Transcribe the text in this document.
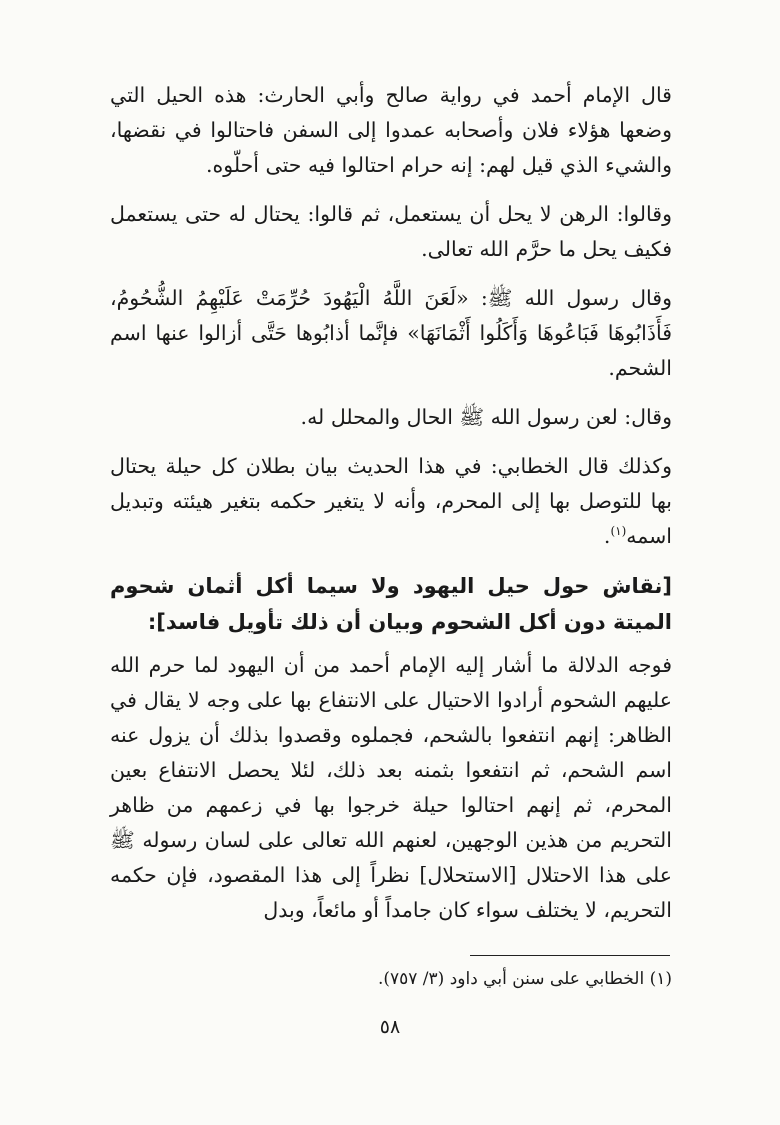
قال الإمام أحمد في رواية صالح وأبي الحارث: هذه الحيل التي وضعها هؤلاء فلان وأصحابه عمدوا إلى السفن فاحتالوا في نقضها، والشيء الذي قيل لهم: إنه حرام احتالوا فيه حتى أحلّوه.

وقالوا: الرهن لا يحل أن يستعمل، ثم قالوا: يحتال له حتى يستعمل فكيف يحل ما حرَّم الله تعالى.

وقال رسول الله ﷺ: «لَعَنَ اللَّهُ الْيَهُودَ حُرِّمَتْ عَلَيْهِمُ الشُّحُومُ، فَأَذَابُوهَا فَبَاعُوهَا وَأَكَلُوا أَثْمَانَهَا» فإنَّما أذابُوها حَتَّى أزالوا عنها اسم الشحم.

وقال: لعن رسول الله ﷺ الحال والمحلل له.

وكذلك قال الخطابي: في هذا الحديث بيان بطلان كل حيلة يحتال بها للتوصل بها إلى المحرم، وأنه لا يتغير حكمه بتغير هيئته وتبديل اسمه$^{(١)}$.

[نقاش حول حيل اليهود ولا سيما أكل أثمان شحوم الميتة دون أكل الشحوم وبيان أن ذلك تأويل فاسد]:

فوجه الدلالة ما أشار إليه الإمام أحمد من أن اليهود لما حرم الله عليهم الشحوم أرادوا الاحتيال على الانتفاع بها على وجه لا يقال في الظاهر: إنهم انتفعوا بالشحم، فجملوه وقصدوا بذلك أن يزول عنه اسم الشحم، ثم انتفعوا بثمنه بعد ذلك، لئلا يحصل الانتفاع بعين المحرم، ثم إنهم احتالوا حيلة خرجوا بها في زعمهم من ظاهر التحريم من هذين الوجهين، لعنهم الله تعالى على لسان رسوله ﷺ على هذا الاحتلال [الاستحلال] نظراً إلى هذا المقصود، فإن حكمه التحريم، لا يختلف سواء كان جامداً أو مائعاً، وبدل

(١) الخطابي على سنن أبي داود (٣/ ٧٥٧).
٥٨
